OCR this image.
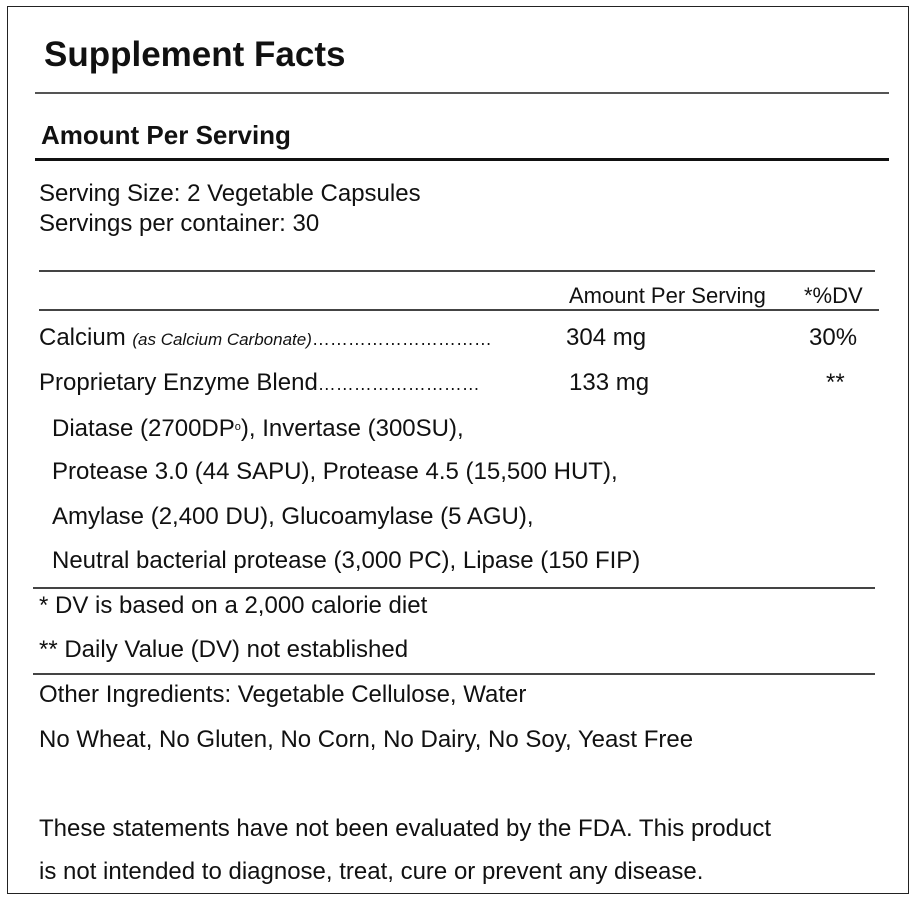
Supplement Facts
Amount Per Serving
Serving Size: 2 Vegetable Capsules
Servings per container: 30
Amount Per Serving *%DV
Calcium (as Calcium Carbonate)…………………………	304 mg	30%
Proprietary Enzyme Blend………………………	133 mg	**
Diatase $(2700DP^o)$, Invertase (300SU),
Protease 3.0 (44 SAPU), Protease 4.5 (15,500 HUT),
Amylase (2,400 DU), Glucoamylase (5 AGU),
Neutral bacterial protease (3,000 PC), Lipase (150 FIP)
* DV is based on a 2,000 calorie diet
** Daily Value (DV) not established
Other Ingredients: Vegetable Cellulose, Water
No Wheat, No Gluten, No Corn, No Dairy, No Soy, Yeast Free
These statements have not been evaluated by the FDA. This product
is not intended to diagnose, treat, cure or prevent any disease.
